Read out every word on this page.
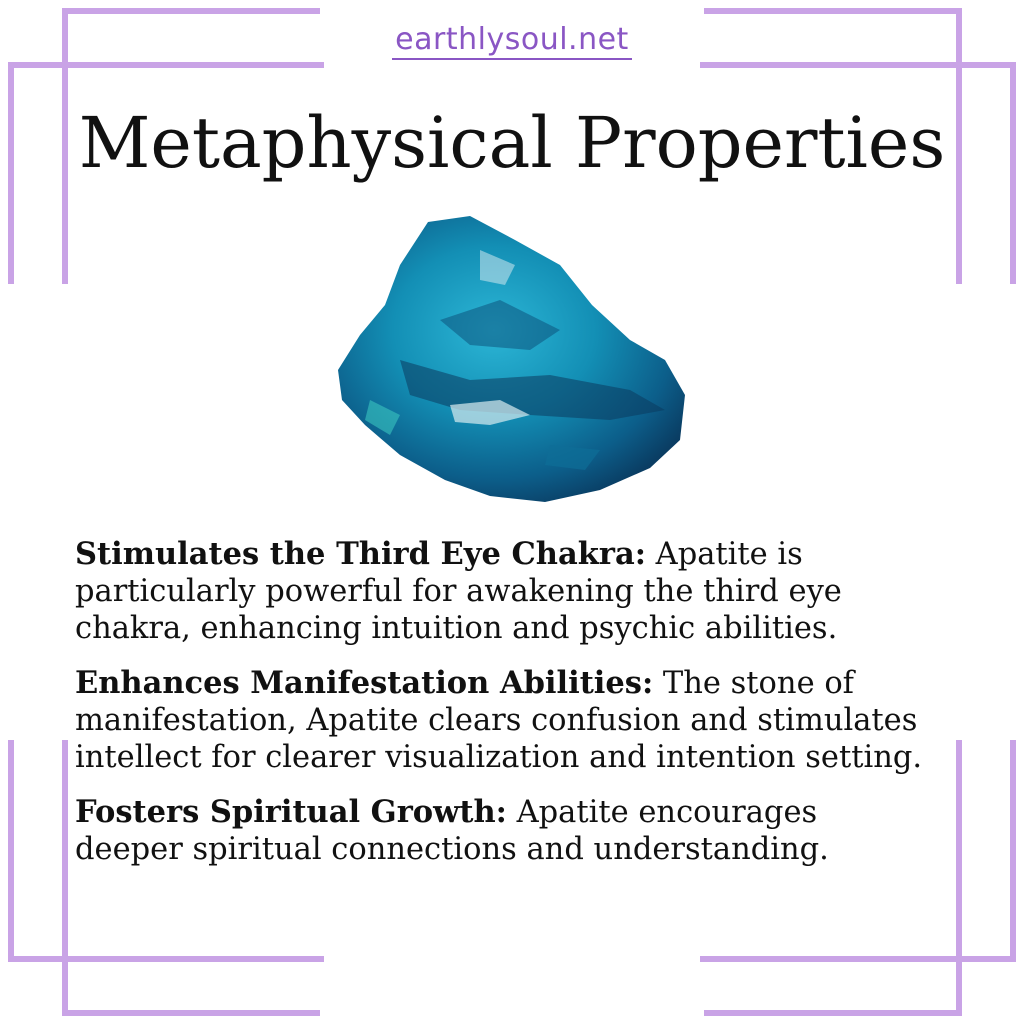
earthlysoul.net
Metaphysical Properties

Stimulates the Third Eye Chakra: Apatite is particularly powerful for awakening the third eye chakra, enhancing intuition and psychic abilities.

Enhances Manifestation Abilities: The stone of manifestation, Apatite clears confusion and stimulates intellect for clearer visualization and intention setting.

Fosters Spiritual Growth: Apatite encourages deeper spiritual connections and understanding.
